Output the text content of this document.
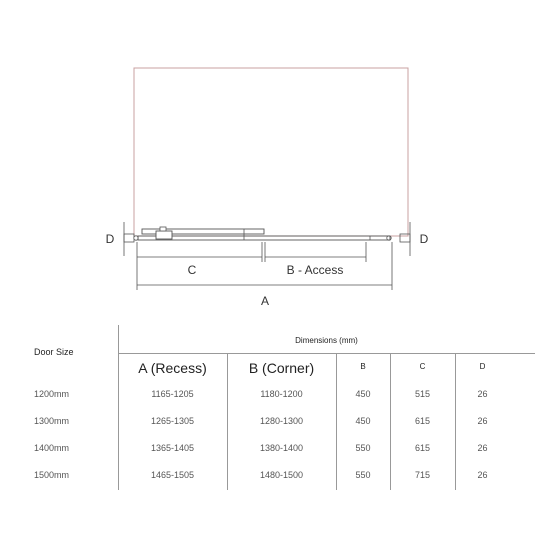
D	D
C	B - Access
A
Door Size
Dimensions (mm)
A (Recess)	B (Corner)	B	C	D
1200mm	1165-1205	1180-1200	450	515	26
1300mm	1265-1305	1280-1300	450	615	26
1400mm	1365-1405	1380-1400	550	615	26
1500mm	1465-1505	1480-1500	550	715	26
